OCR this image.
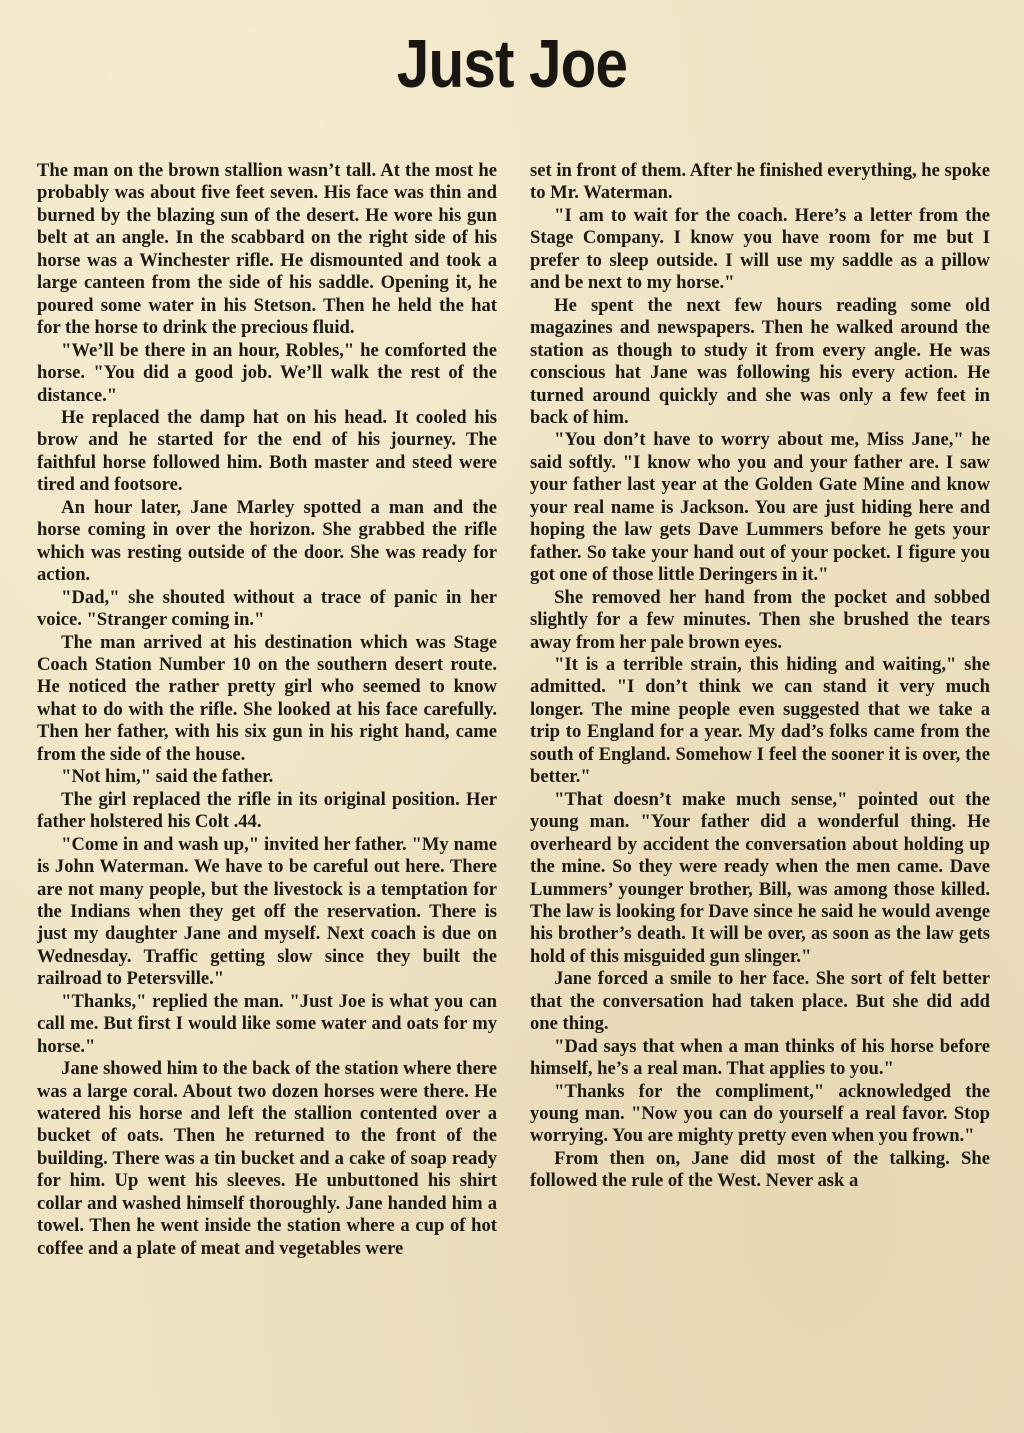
Just Joe

The man on the brown stallion wasn’t tall. At the most he probably was about five feet seven. His face was thin and burned by the blazing sun of the desert. He wore his gun belt at an angle. In the scabbard on the right side of his horse was a Winchester rifle. He dismounted and took a large canteen from the side of his saddle. Opening it, he poured some water in his Stetson. Then he held the hat for the horse to drink the precious fluid.

"We’ll be there in an hour, Robles," he comforted the horse. "You did a good job. We’ll walk the rest of the distance."

He replaced the damp hat on his head. It cooled his brow and he started for the end of his journey. The faithful horse followed him. Both master and steed were tired and footsore.

An hour later, Jane Marley spotted a man and the horse coming in over the horizon. She grabbed the rifle which was resting outside of the door. She was ready for action.

"Dad," she shouted without a trace of panic in her voice. "Stranger coming in."

The man arrived at his destination which was Stage Coach Station Number 10 on the southern desert route. He noticed the rather pretty girl who seemed to know what to do with the rifle. She looked at his face carefully. Then her father, with his six gun in his right hand, came from the side of the house.

"Not him," said the father.

The girl replaced the rifle in its original position. Her father holstered his Colt .44.

"Come in and wash up," invited her father. "My name is John Waterman. We have to be careful out here. There are not many people, but the livestock is a temptation for the Indians when they get off the reservation. There is just my daughter Jane and myself. Next coach is due on Wednesday. Traffic getting slow since they built the railroad to Petersville."

"Thanks," replied the man. "Just Joe is what you can call me. But first I would like some water and oats for my horse."

Jane showed him to the back of the station where there was a large coral. About two dozen horses were there. He watered his horse and left the stallion contented over a bucket of oats. Then he returned to the front of the building. There was a tin bucket and a cake of soap ready for him. Up went his sleeves. He unbuttoned his shirt collar and washed himself thoroughly. Jane handed him a towel. Then he went inside the station where a cup of hot coffee and a plate of meat and vegetables were

set in front of them. After he finished everything, he spoke to Mr. Waterman.

"I am to wait for the coach. Here’s a letter from the Stage Company. I know you have room for me but I prefer to sleep outside. I will use my saddle as a pillow and be next to my horse."

He spent the next few hours reading some old magazines and newspapers. Then he walked around the station as though to study it from every angle. He was conscious hat Jane was following his every action. He turned around quickly and she was only a few feet in back of him.

"You don’t have to worry about me, Miss Jane," he said softly. "I know who you and your father are. I saw your father last year at the Golden Gate Mine and know your real name is Jackson. You are just hiding here and hoping the law gets Dave Lummers before he gets your father. So take your hand out of your pocket. I figure you got one of those little Deringers in it."

She removed her hand from the pocket and sobbed slightly for a few minutes. Then she brushed the tears away from her pale brown eyes.

"It is a terrible strain, this hiding and waiting," she admitted. "I don’t think we can stand it very much longer. The mine people even suggested that we take a trip to England for a year. My dad’s folks came from the south of England. Somehow I feel the sooner it is over, the better."

"That doesn’t make much sense," pointed out the young man. "Your father did a wonderful thing. He overheard by accident the conversation about holding up the mine. So they were ready when the men came. Dave Lummers’ younger brother, Bill, was among those killed. The law is looking for Dave since he said he would avenge his brother’s death. It will be over, as soon as the law gets hold of this misguided gun slinger."

Jane forced a smile to her face. She sort of felt better that the conversation had taken place. But she did add one thing.

"Dad says that when a man thinks of his horse before himself, he’s a real man. That applies to you."

"Thanks for the compliment," acknowledged the young man. "Now you can do yourself a real favor. Stop worrying. You are mighty pretty even when you frown."

From then on, Jane did most of the talking. She followed the rule of the West. Never ask a
